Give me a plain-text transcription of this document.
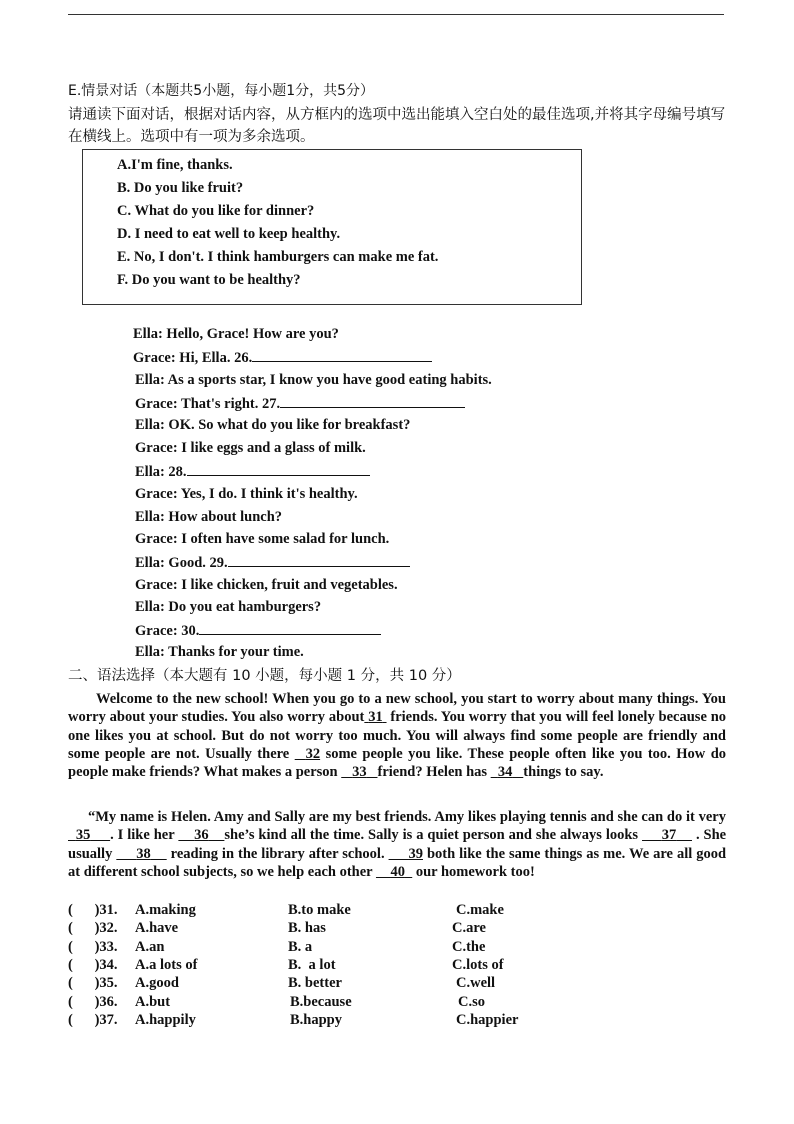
E.情景对话（本题共5小题，每小题1分，共5分）
请通读下面对话，根据对话内容，从方框内的选项中选出能填入空白处的最佳选项,并将其字母编号填写在横线上。选项中有一项为多余选项。
A.I'm fine, thanks.
B. Do you like fruit?
C. What do you like for dinner?
D. I need to eat well to keep healthy.
E. No, I don't. I think hamburgers can make me fat.
F. Do you want to be healthy?
Ella: Hello, Grace! How are you?
Grace: Hi, Ella. 26.
Ella: As a sports star, I know you have good eating habits.
Grace: That's right. 27.
Ella: OK. So what do you like for breakfast?
Grace: I like eggs and a glass of milk.
Ella: 28.
Grace: Yes, I do. I think it's healthy.
Ella: How about lunch?
Grace: I often have some salad for lunch.
Ella: Good. 29.
Grace: I like chicken, fruit and vegetables.
Ella: Do you eat hamburgers?
Grace: 30.
Ella: Thanks for your time.
二、语法选择（本大题有 10 小题，每小题 1 分，共 10 分）
Welcome to the new school! When you go to a new school, you start to worry about many things. You worry about your studies. You also worry about 31 friends. You worry that you will feel lonely because no one likes you at school. But do not worry too much. You will always find some people are friendly and some people are not. Usually there 32 some people you like. These people often like you too. How do people make friends? What makes a person 33 friend? Helen has 34 things to say.
“My name is Helen. Amy and Sally are my best friends. Amy likes playing tennis and she can do it very   35 . I like her 36 she’s kind all the time. Sally is a quiet person and she always looks 37 . She usually 38 reading in the library after school. 39 both like the same things as me. We are all good at different school subjects, so we help each other 40 our homework too!
(      )31. A.making	B.to make	C.make
(      )32. A.have	B. has	C.are
(      )33. A.an	B. a	C.the
(      )34. A.a lots of	B.  a lot	C.lots of
(      )35. A.good	B. better	C.well
(      )36. A.but	B.because	C.so
(      )37. A.happily	B.happy	C.happier
